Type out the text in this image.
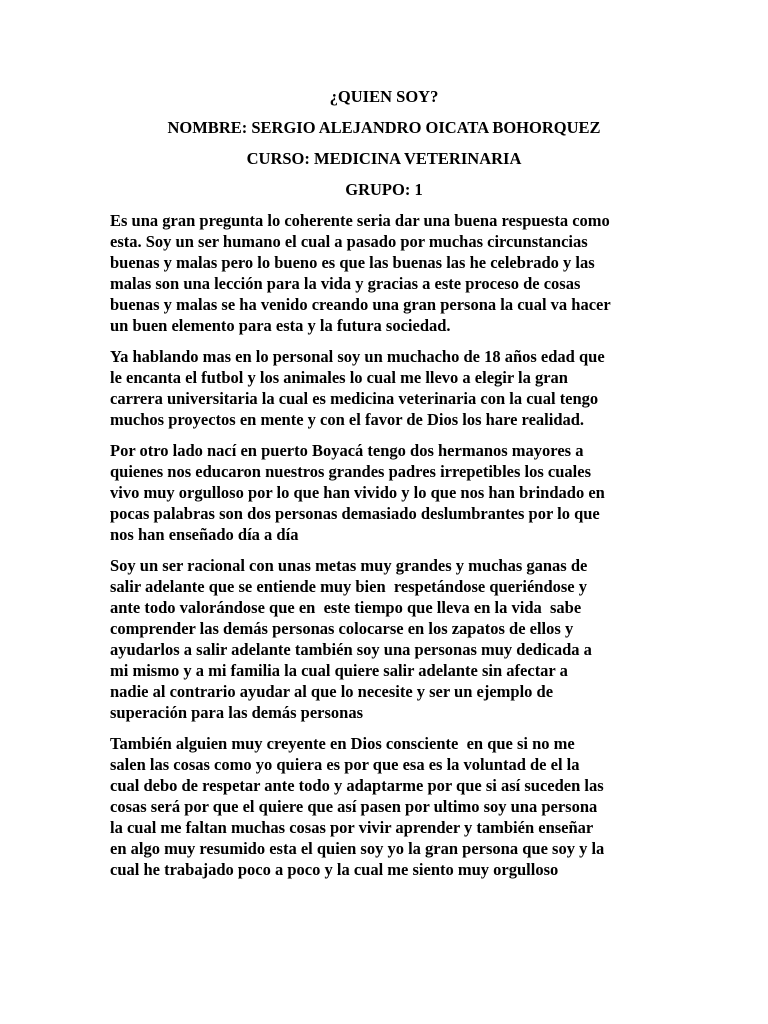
¿QUIEN SOY?
NOMBRE: SERGIO ALEJANDRO OICATA BOHORQUEZ
CURSO: MEDICINA VETERINARIA
GRUPO: 1

Es una gran pregunta lo coherente seria dar una buena respuesta como
esta. Soy un ser humano el cual a pasado por muchas circunstancias
buenas y malas pero lo bueno es que las buenas las he celebrado y las
malas son una lección para la vida y gracias a este proceso de cosas
buenas y malas se ha venido creando una gran persona la cual va hacer
un buen elemento para esta y la futura sociedad.

Ya hablando mas en lo personal soy un muchacho de 18 años edad que
le encanta el futbol y los animales lo cual me llevo a elegir la gran
carrera universitaria la cual es medicina veterinaria con la cual tengo
muchos proyectos en mente y con el favor de Dios los hare realidad.

Por otro lado nací en puerto Boyacá tengo dos hermanos mayores a
quienes nos educaron nuestros grandes padres irrepetibles los cuales
vivo muy orgulloso por lo que han vivido y lo que nos han brindado en
pocas palabras son dos personas demasiado deslumbrantes por lo que
nos han enseñado día a día

Soy un ser racional con unas metas muy grandes y muchas ganas de
salir adelante que se entiende muy bien  respetándose queriéndose y
ante todo valorándose que en  este tiempo que lleva en la vida  sabe
comprender las demás personas colocarse en los zapatos de ellos y
ayudarlos a salir adelante también soy una personas muy dedicada a
mi mismo y a mi familia la cual quiere salir adelante sin afectar a
nadie al contrario ayudar al que lo necesite y ser un ejemplo de
superación para las demás personas

También alguien muy creyente en Dios consciente  en que si no me
salen las cosas como yo quiera es por que esa es la voluntad de el la
cual debo de respetar ante todo y adaptarme por que si así suceden las
cosas será por que el quiere que así pasen por ultimo soy una persona
la cual me faltan muchas cosas por vivir aprender y también enseñar
en algo muy resumido esta el quien soy yo la gran persona que soy y la
cual he trabajado poco a poco y la cual me siento muy orgulloso
